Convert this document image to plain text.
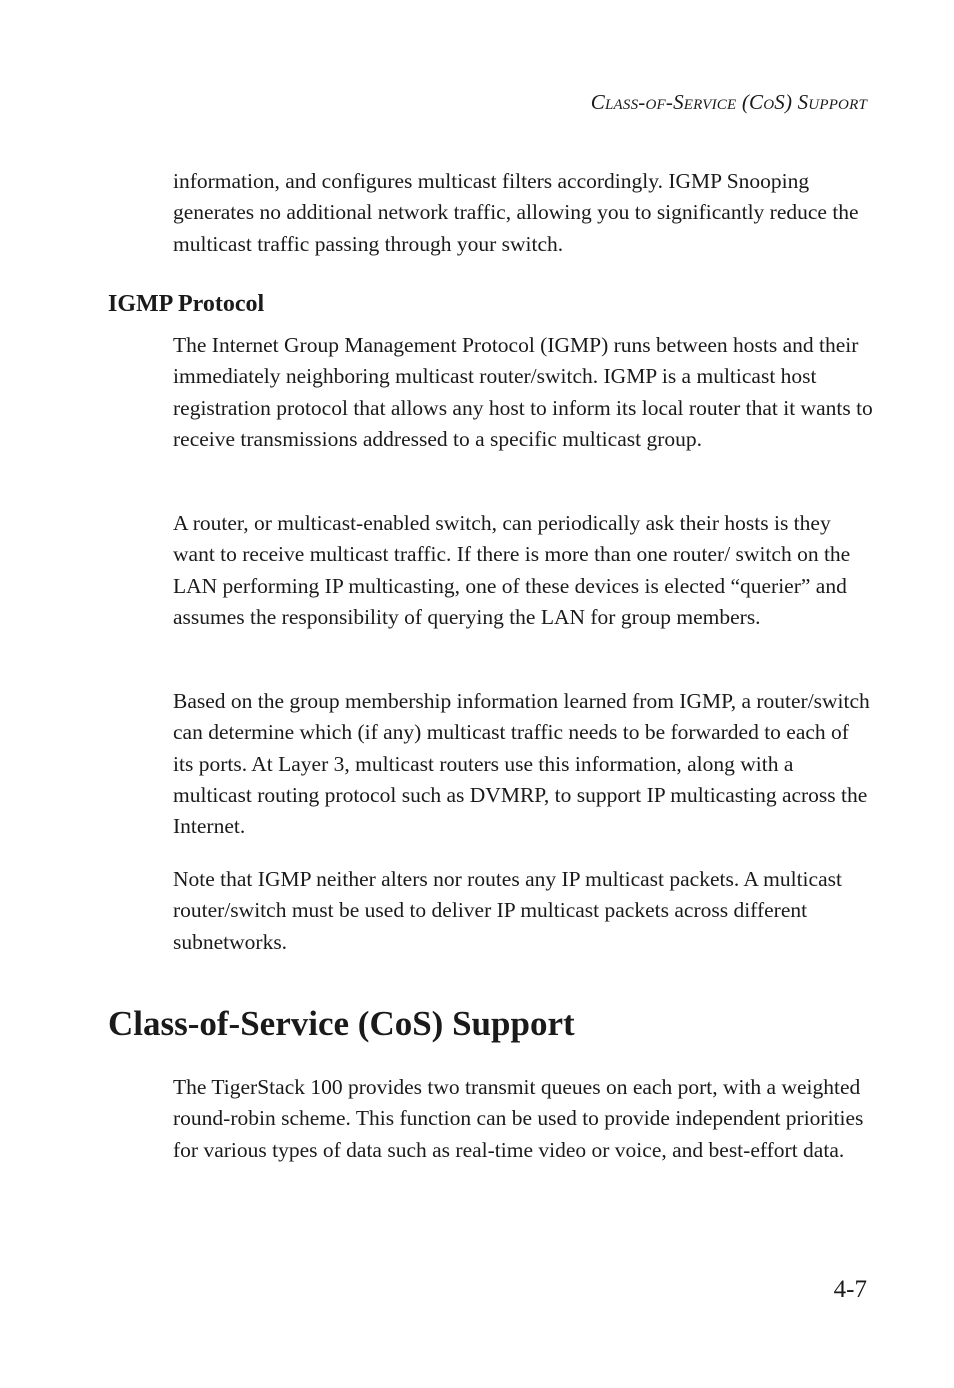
Class-of-Service (CoS) Support

information, and configures multicast filters accordingly. IGMP Snooping generates no additional network traffic, allowing you to significantly reduce the multicast traffic passing through your switch.

IGMP Protocol

The Internet Group Management Protocol (IGMP) runs between hosts and their immediately neighboring multicast router/switch. IGMP is a multicast host registration protocol that allows any host to inform its local router that it wants to receive transmissions addressed to a specific multicast group.

A router, or multicast-enabled switch, can periodically ask their hosts is they want to receive multicast traffic. If there is more than one router/ switch on the LAN performing IP multicasting, one of these devices is elected “querier” and assumes the responsibility of querying the LAN for group members.

Based on the group membership information learned from IGMP, a router/switch can determine which (if any) multicast traffic needs to be forwarded to each of its ports. At Layer 3, multicast routers use this information, along with a multicast routing protocol such as DVMRP, to support IP multicasting across the Internet.

Note that IGMP neither alters nor routes any IP multicast packets. A multicast router/switch must be used to deliver IP multicast packets across different subnetworks.

Class-of-Service (CoS) Support

The TigerStack 100 provides two transmit queues on each port, with a weighted round-robin scheme. This function can be used to provide independent priorities for various types of data such as real-time video or voice, and best-effort data.

4-7
